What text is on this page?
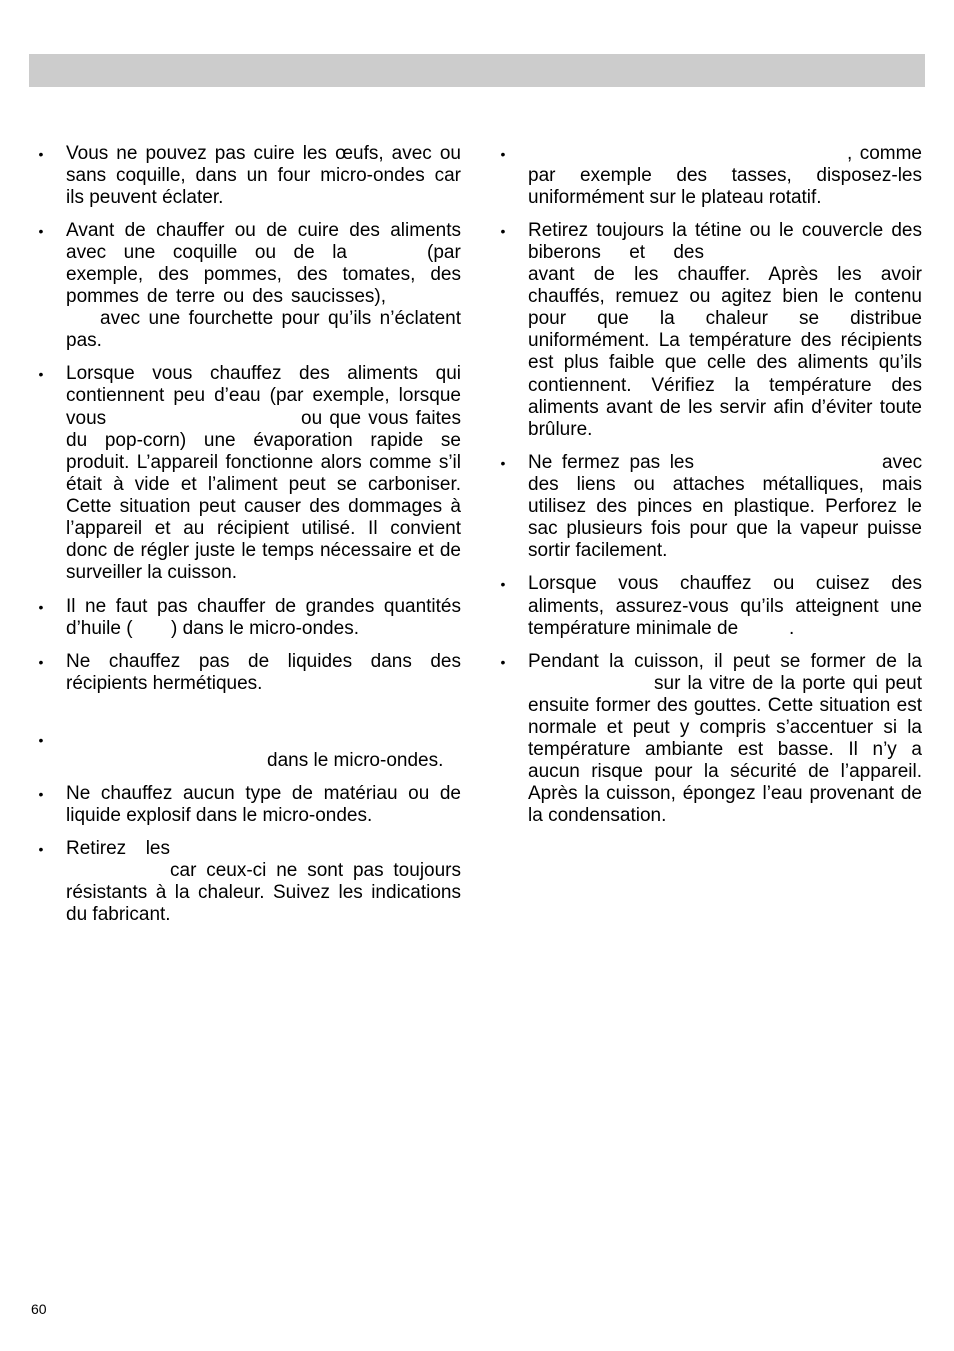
• Vous ne pouvez pas cuire les œufs, avec ou
sans coquille, dans un four micro-ondes car
ils peuvent éclater.
• Avant de chauffer ou de cuire des aliments
avec une coquille ou de la	(par
exemple, des pommes, des tomates, des
pommes de terre ou des saucisses),
avec une fourchette pour qu’ils n’éclatent
pas.
• Lorsque vous chauffez des aliments qui
contiennent peu d’eau (par exemple, lorsque
vous	ou que vous faites
du pop-corn) une évaporation rapide se
produit. L’appareil fonctionne alors comme s’il
était à vide et l’aliment peut se carboniser.
Cette situation peut causer des dommages à
l’appareil et au récipient utilisé. Il convient
donc de régler juste le temps nécessaire et de
surveiller la cuisson.
• Il ne faut pas chauffer de grandes quantités
d’huile ( ) dans le micro-ondes.
• Ne chauffez pas de liquides dans des
récipients hermétiques.
•
dans le micro-ondes.
• Ne chauffez aucun type de matériau ou de
liquide explosif dans le micro-ondes.
• Retirez les
car ceux-ci ne sont pas toujours
résistants à la chaleur. Suivez les indications
du fabricant.
•	, comme
par exemple des tasses, disposez-les
uniformément sur le plateau rotatif.
• Retirez toujours la tétine ou le couvercle des
biberons et des
avant de les chauffer. Après les avoir
chauffés, remuez ou agitez bien le contenu
pour que la chaleur se distribue
uniformément. La température des récipients
est plus faible que celle des aliments qu’ils
contiennent. Vérifiez la température des
aliments avant de les servir afin d’éviter toute
brûlure.
• Ne fermez pas les	avec
des liens ou attaches métalliques, mais
utilisez des pinces en plastique. Perforez le
sac plusieurs fois pour que la vapeur puisse
sortir facilement.
• Lorsque vous chauffez ou cuisez des
aliments, assurez-vous qu’ils atteignent une
température minimale de	.
• Pendant la cuisson, il peut se former de la
sur la vitre de la porte qui peut
ensuite former des gouttes. Cette situation est
normale et peut y compris s’accentuer si la
température ambiante est basse. Il n’y a
aucun risque pour la sécurité de l’appareil.
Après la cuisson, épongez l’eau provenant de
la condensation.
60
